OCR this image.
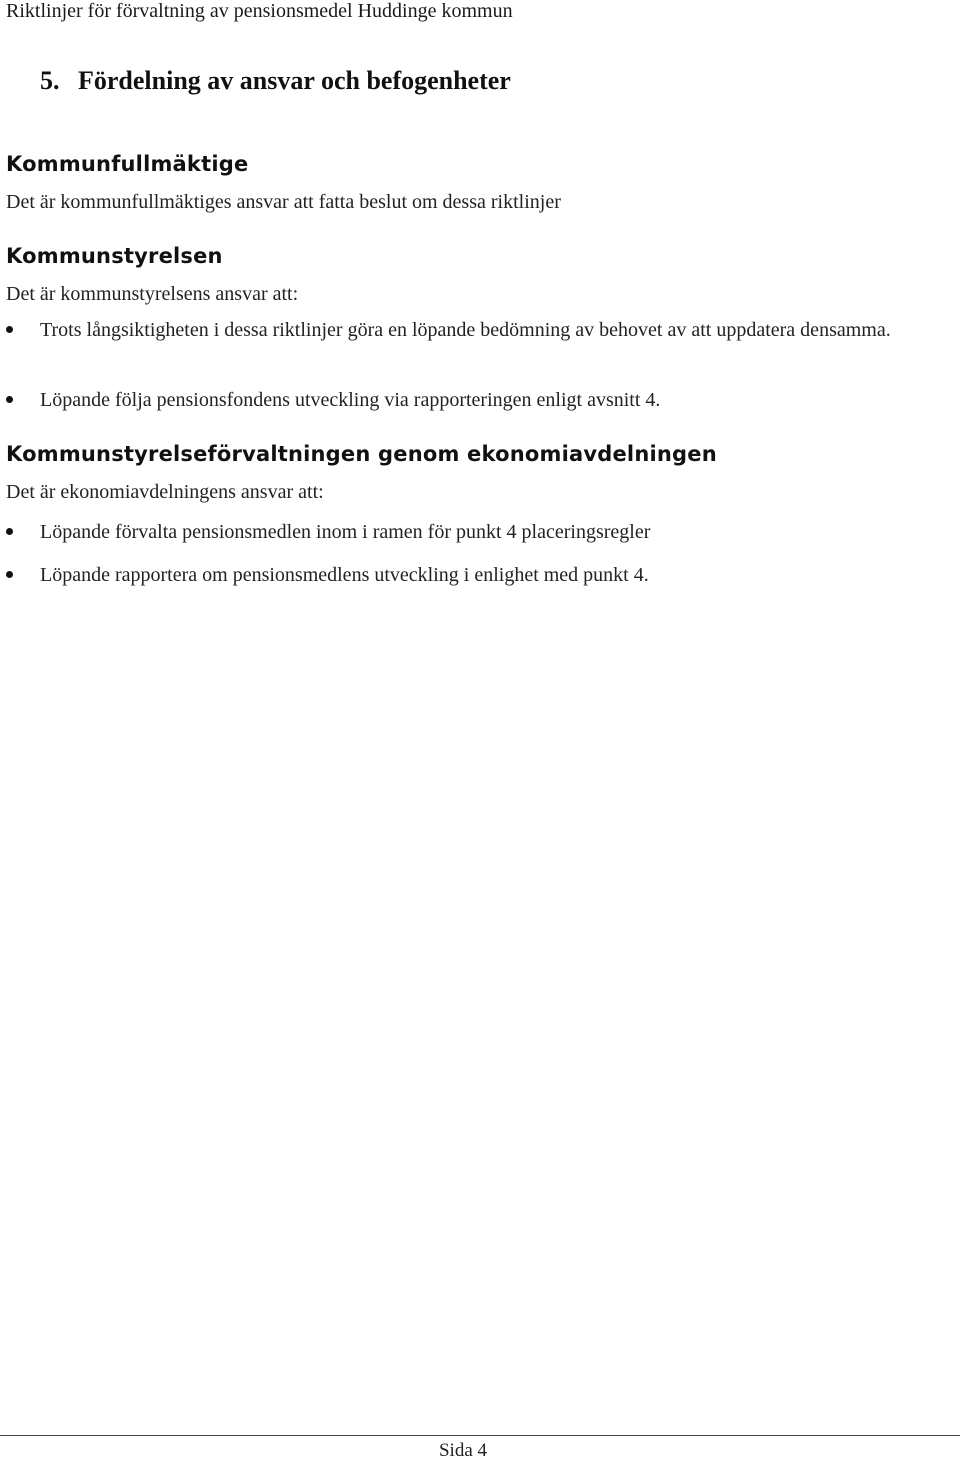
Riktlinjer för förvaltning av pensionsmedel Huddinge kommun
5. Fördelning av ansvar och befogenheter
Kommunfullmäktige
Det är kommunfullmäktiges ansvar att fatta beslut om dessa riktlinjer
Kommunstyrelsen
Det är kommunstyrelsens ansvar att:
Trots långsiktigheten i dessa riktlinjer göra en löpande bedömning av behovet av att uppdatera densamma.
Löpande följa pensionsfondens utveckling via rapporteringen enligt avsnitt 4.
Kommunstyrelseförvaltningen genom ekonomiavdelningen
Det är ekonomiavdelningens ansvar att:
Löpande förvalta pensionsmedlen inom i ramen för punkt 4 placeringsregler
Löpande rapportera om pensionsmedlens utveckling i enlighet med punkt 4.
Sida 4
